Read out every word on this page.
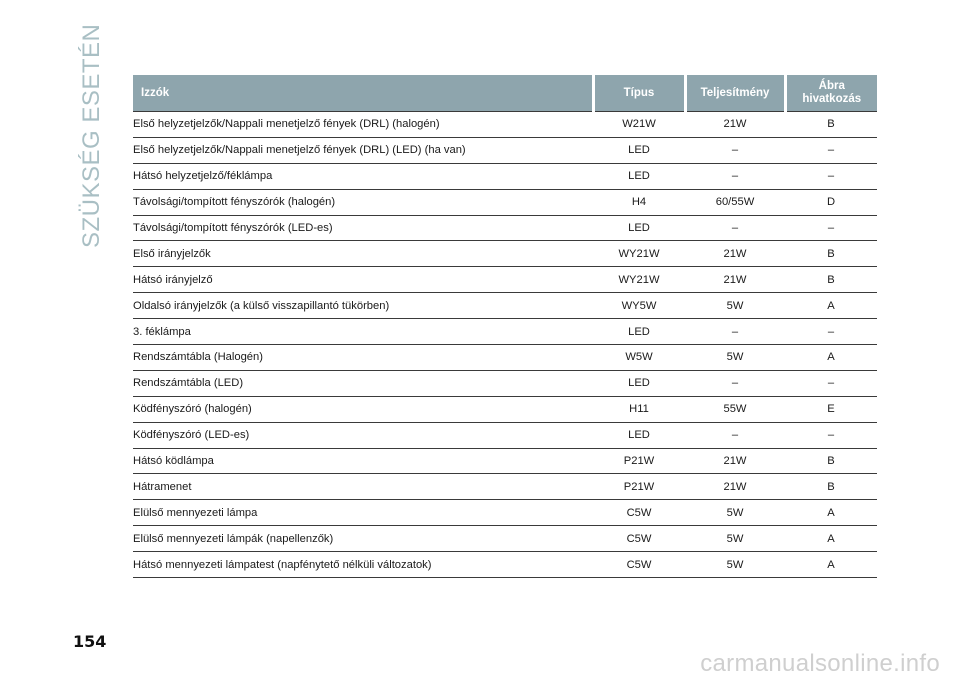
SZÜKSÉG ESETÉN	Izzók	Típus	Teljesítmény	Ábra
hivatkozás
Első helyzetjelzők/Nappali menetjelző fények (DRL) (halogén)	W21W	21W	B
Első helyzetjelzők/Nappali menetjelző fények (DRL) (LED) (ha van)	LED	–	–
Hátsó helyzetjelző/féklámpa	LED	–	–
Távolsági/tompított fényszórók (halogén)	H4	60/55W	D
Távolsági/tompított fényszórók (LED-es)	LED	–	–
Első irányjelzők	WY21W	21W	B
Hátsó irányjelző	WY21W	21W	B
Oldalsó irányjelzők (a külső visszapillantó tükörben)	WY5W	5W	A
3. féklámpa	LED	–	–
Rendszámtábla (Halogén)	W5W	5W	A
Rendszámtábla (LED)	LED	–	–
Ködfényszóró (halogén)	H11	55W	E
Ködfényszóró (LED-es)	LED	–	–
Hátsó ködlámpa	P21W	21W	B
Hátramenet	P21W	21W	B
Elülső mennyezeti lámpa	C5W	5W	A
Elülső mennyezeti lámpák (napellenzők)	C5W	5W	A
Hátsó mennyezeti lámpatest (napfénytető nélküli változatok)	C5W	5W	A
154
carmanualsonline.info
